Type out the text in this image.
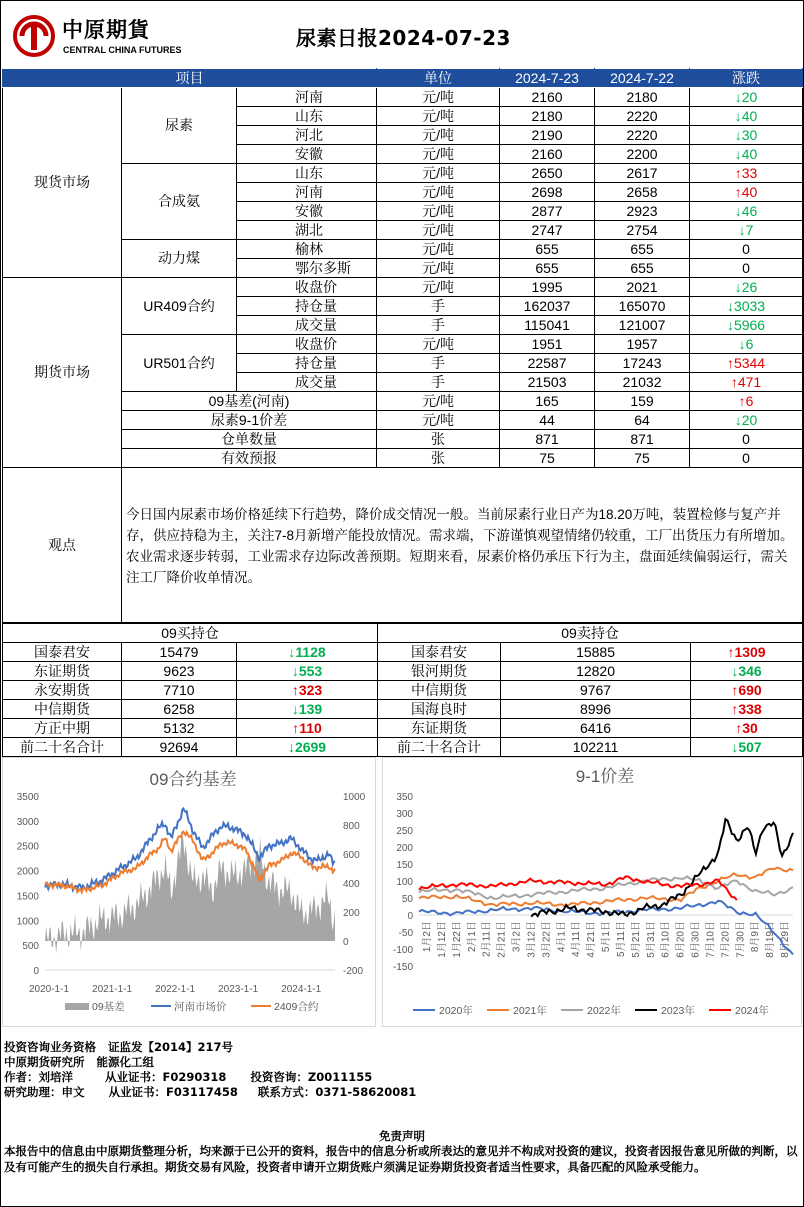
中原期貨
CENTRAL CHINA FUTURES	尿素日报2024-07-23
项目			单位	2024-7-23	2024-7-22	涨跌
现货市场	尿素	河南	元/吨	2160	2180	↓20
		山东	元/吨	2180	2220	↓40
		河北	元/吨	2190	2220	↓30
		安徽	元/吨	2160	2200	↓40
	合成氨	山东	元/吨	2650	2617	↑33
		河南	元/吨	2698	2658	↑40
		安徽	元/吨	2877	2923	↓46
		湖北	元/吨	2747	2754	↓7
	动力煤	榆林	元/吨	655	655	0
		鄂尔多斯	元/吨	655	655	0
期货市场	UR409合约	收盘价	元/吨	1995	2021	↓26
		持仓量	手	162037	165070	↓3033
		成交量	手	115041	121007	↓5966
	UR501合约	收盘价	元/吨	1951	1957	↓6
		持仓量	手	22587	17243	↑5344
		成交量	手	21503	21032	↑471
	09基差(河南)		元/吨	165	159	↑6
	尿素9-1价差		元/吨	44	64	↓20
	仓单数量		张	871	871	0
	有效预报		张	75	75	0
观点	今日国内尿素市场价格延续下行趋势，降价成交情况一般。当前尿素行业日产为18.20万吨，装置检修与复产并存，供应持稳为主，关注7-8月新增产能投放情况。需求端，下游谨慎观望情绪仍较重，工厂出货压力有所增加。农业需求逐步转弱，工业需求存边际改善预期。短期来看，尿素价格仍承压下行为主，盘面延续偏弱运行，需关注工厂降价收单情况。					
09买持仓			09卖持仓		
国泰君安	15479	↓1128	国泰君安	15885	↑1309
东证期货	9623	↓553	银河期货	12820	↓346
永安期货	7710	↑323	中信期货	9767	↑690
中信期货	6258	↓139	国海良时	8996	↑338
方正中期	5132	↑110	东证期货	6416	↑30
前二十名合计	92694	↓2699	前二十名合计	102211	↓507
09合约基差
3500
3000
2500
2000
1500
1000
500
0
1000
800
600
400
200
0
-200
2020-1-1 2021-1-1 2022-1-1 2023-1-1 2024-1-1
09基差	河南市场价	2409合约
9-1价差
350
300
250
200
150
100
50
0
-50
-100
-150
1月2日 1月12日 1月22日 2月1日 2月11日 2月21日 3月2日 3月12日 3月22日 4月1日 4月11日 4月21日 5月1日 5月11日 5月21日 5月31日 6月10日 6月20日 6月30日 7月10日 7月20日 7月30日 8月9日 8月19日 8月29日
2020年	2021年	2022年	2023年	2024年
投资咨询业务资格   证监发【2014】217号
中原期货研究所   能源化工组
作者：刘培洋        从业证书：F0290318      投资咨询：Z0011155
研究助理：申文      从业证书：F03117458     联系方式：0371-58620081
免责声明
本报告中的信息由中原期货整理分析，均来源于已公开的资料，报告中的信息分析或所表达的意见并不构成对投资的建议，投资者因报告意见所做的判断，以及有可能产生的损失自行承担。期货交易有风险，投资者申请开立期货账户须满足证券期货投资者适当性要求，具备匹配的风险承受能力。
